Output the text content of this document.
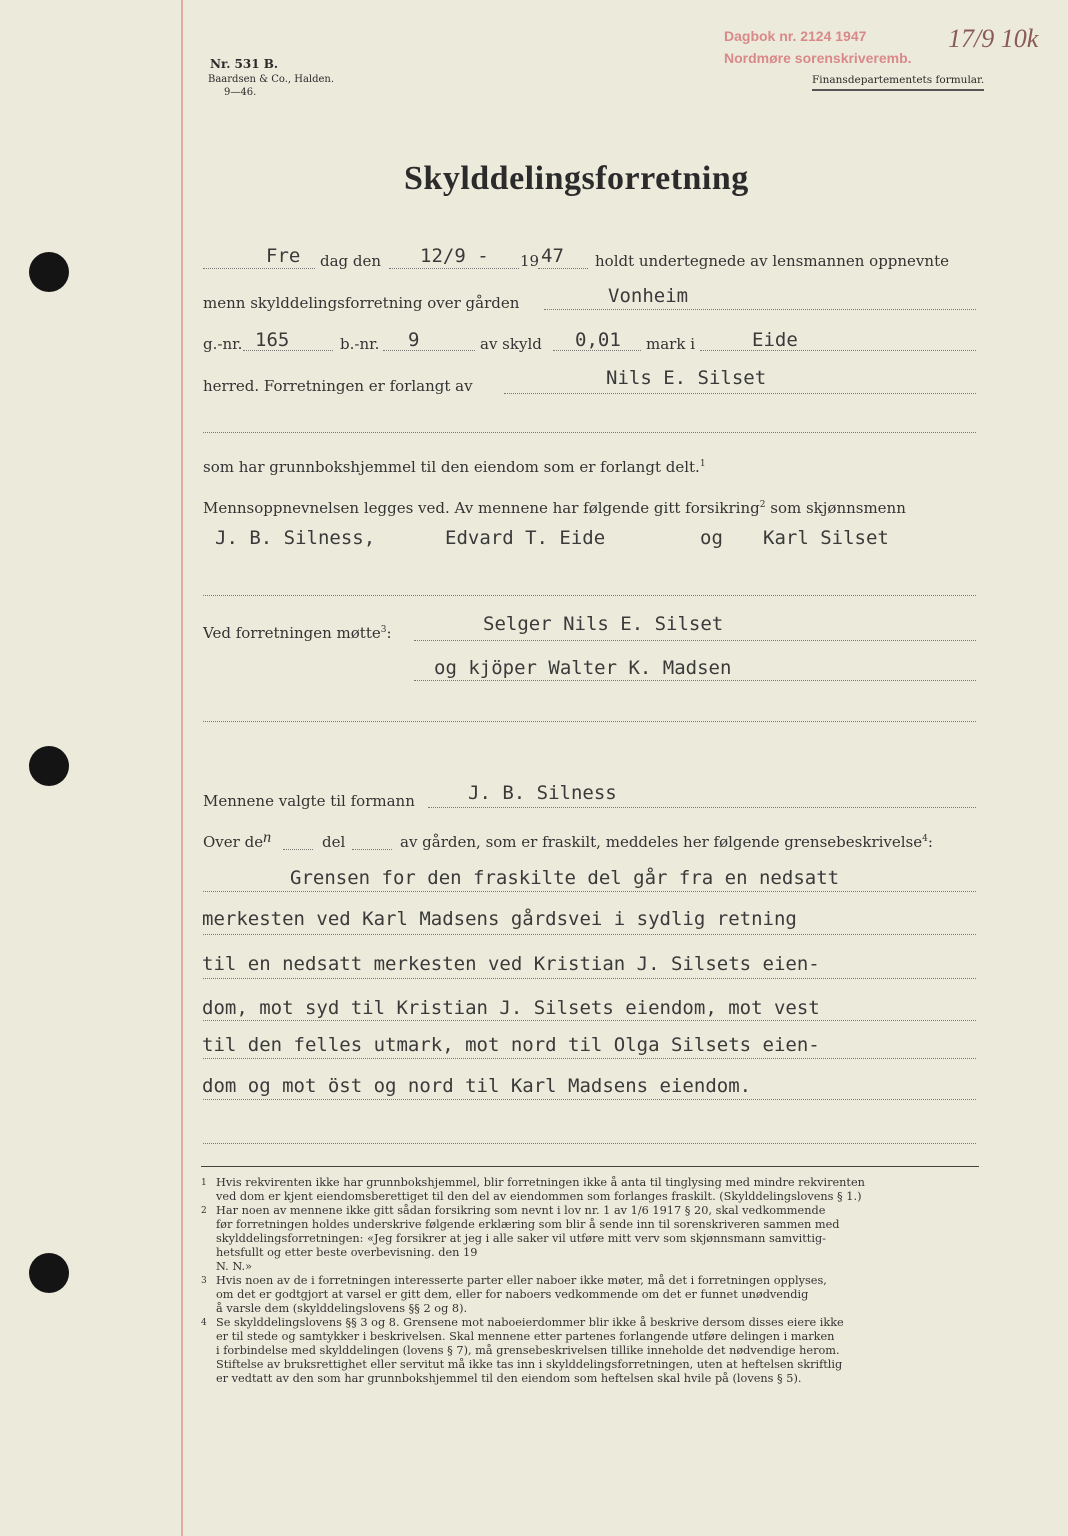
Nr. 531 B.
Baardsen & Co., Halden.
9—46.
Dagbok nr. 2124 1947
Nordmøre sorenskriveremb.
17/9 10k
Finansdepartementets formular.
Skylddelingsforretning
Fre dag den 12/9 - 19 47 holdt undertegnede av lensmannen oppnevnte
menn skylddelingsforretning over gården	Vonheim
g.-nr. 165	b.-nr. 9	av skyld 0,01 mark i	Eide
herred. Forretningen er forlangt av	Nils E. Silset
som har grunnbokshjemmel til den eiendom som er forlangt delt.$^1$
Mennsoppnevnelsen legges ved. Av mennene har følgende gitt forsikring$^2$ som skjønnsmenn
J. B. Silness,	Edvard T. Eide	og Karl Silset
Ved forretningen møtte$^3$:	Selger Nils E. Silset
og kjöper Walter K. Madsen
Mennene valgte til formann	J. B. Silness
Over den	del	av gården, som er fraskilt, meddeles her følgende grensebeskrivelse$^4$:
Grensen for den fraskilte del går fra en nedsatt
merkesten ved Karl Madsens gårdsvei i sydlig retning
til en nedsatt merkesten ved Kristian J. Silsets eien-
dom, mot syd til Kristian J. Silsets eiendom, mot vest
til den felles utmark, mot nord til Olga Silsets eien-
dom og mot öst og nord til Karl Madsens eiendom.
1 Hvis rekvirenten ikke har grunnbokshjemmel, blir forretningen ikke å anta til tinglysing med mindre rekvirenten
ved dom er kjent eiendomsberettiget til den del av eiendommen som forlanges fraskilt. (Skylddelingslovens § 1.)
2 Har noen av mennene ikke gitt sådan forsikring som nevnt i lov nr. 1 av 1/6 1917 § 20, skal vedkommende
før forretningen holdes underskrive følgende erklæring som blir å sende inn til sorenskriveren sammen med
skylddelingsforretningen: «Jeg forsikrer at jeg i alle saker vil utføre mitt verv som skjønnsmann samvittig-
hetsfullt og etter beste overbevisning. den 19
N. N.»
3 Hvis noen av de i forretningen interesserte parter eller naboer ikke møter, må det i forretningen opplyses,
om det er godtgjort at varsel er gitt dem, eller for naboers vedkommende om det er funnet unødvendig
å varsle dem (skylddelingslovens §§ 2 og 8).
4 Se skylddelingslovens §§ 3 og 8. Grensene mot naboeierdommer blir ikke å beskrive dersom disses eiere ikke
er til stede og samtykker i beskrivelsen. Skal mennene etter partenes forlangende utføre delingen i marken
i forbindelse med skylddelingen (lovens § 7), må grensebeskrivelsen tillike inneholde det nødvendige herom.
Stiftelse av bruksrettighet eller servitut må ikke tas inn i skylddelingsforretningen, uten at heftelsen skriftlig
er vedtatt av den som har grunnbokshjemmel til den eiendom som heftelsen skal hvile på (lovens § 5).
